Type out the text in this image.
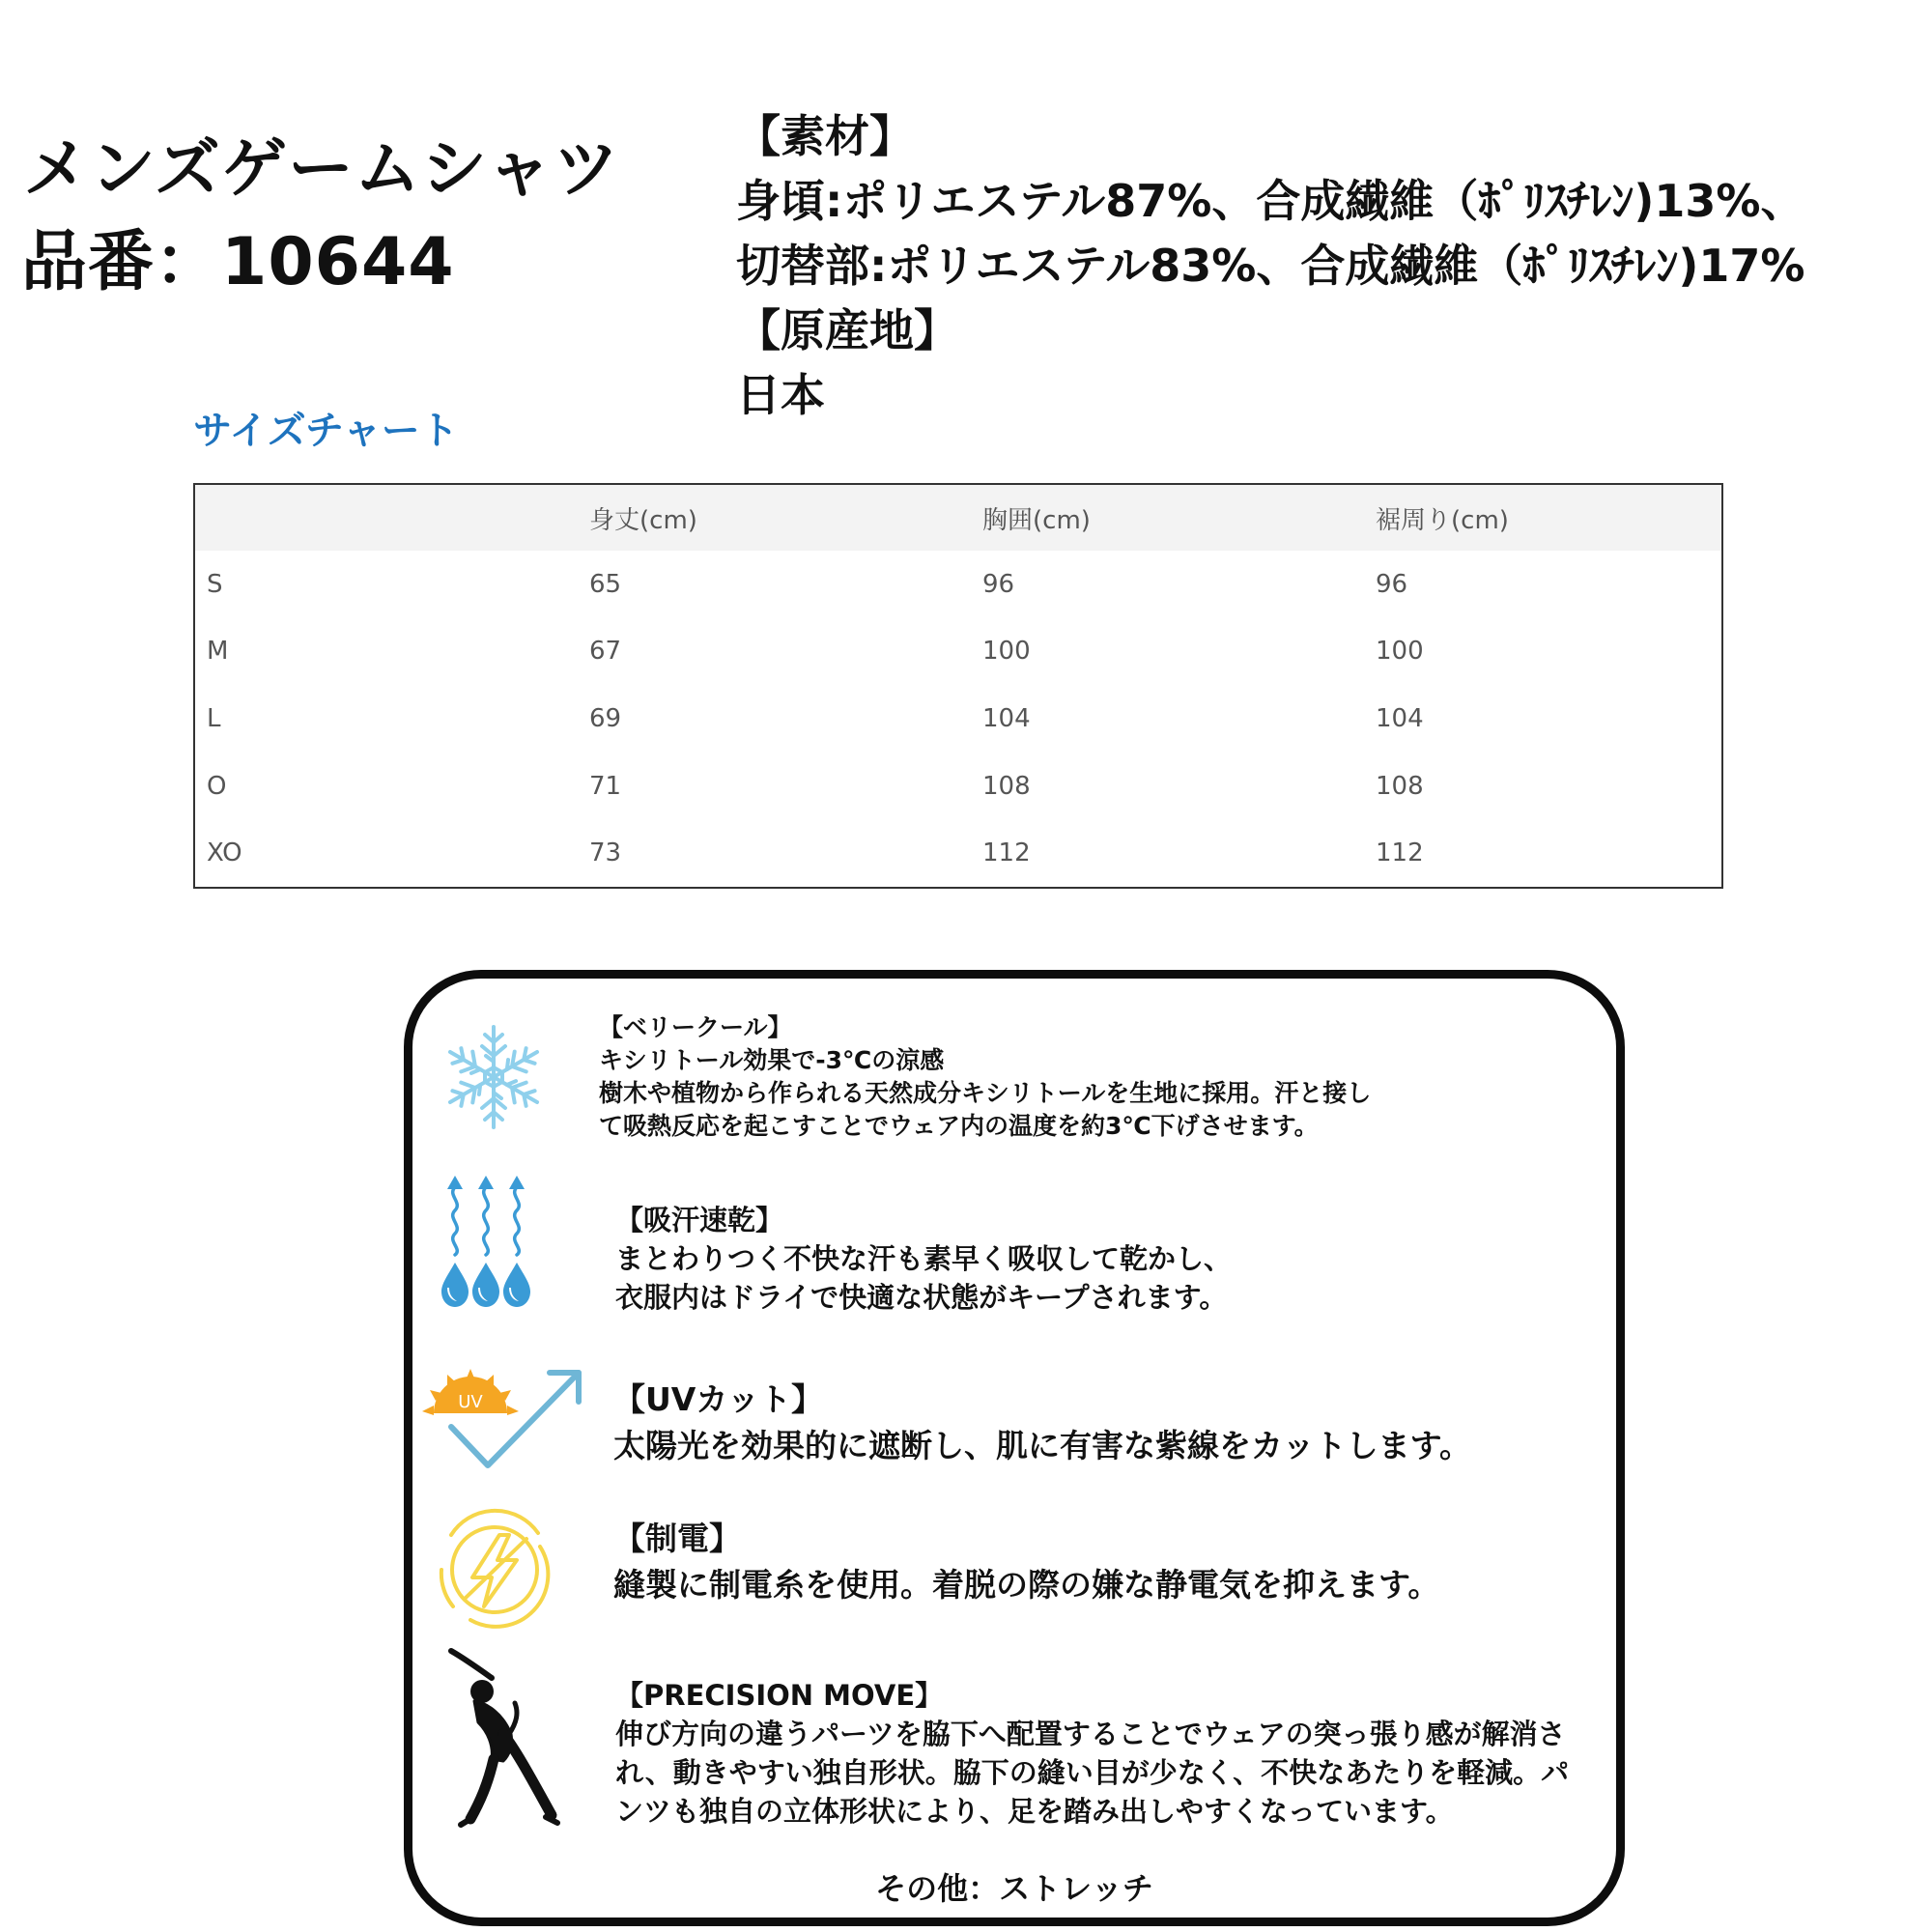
メンズゲームシャツ
品番：10644
【素材】
身頃:ポリエステル87%、合成繊維（ﾎﾟﾘｽﾁﾚﾝ)13%、
切替部:ポリエステル83%、合成繊維（ﾎﾟﾘｽﾁﾚﾝ)17%
【原産地】
日本
サイズチャート
	身丈(cm)	胸囲(cm)	裾周り(cm)
S	65	96	96
M	67	100	100
L	69	104	104
O	71	108	108
XO	73	112	112
【ベリークール】
キシリトール効果で-3℃の涼感
樹木や植物から作られる天然成分キシリトールを生地に採用。汗と接し
て吸熱反応を起こすことでウェア内の温度を約3℃下げさせます。
【吸汗速乾】
まとわりつく不快な汗も素早く吸収して乾かし、
衣服内はドライで快適な状態がキープされます。
UV	【UVカット】
太陽光を効果的に遮断し、肌に有害な紫線をカットします。
【制電】
縫製に制電糸を使用。着脱の際の嫌な静電気を抑えます。
【PRECISION MOVE】
伸び方向の違うパーツを脇下へ配置することでウェアの突っ張り感が解消さ
れ、動きやすい独自形状。脇下の縫い目が少なく、不快なあたりを軽減。パ
ンツも独自の立体形状により、足を踏み出しやすくなっています。
その他：ストレッチ
